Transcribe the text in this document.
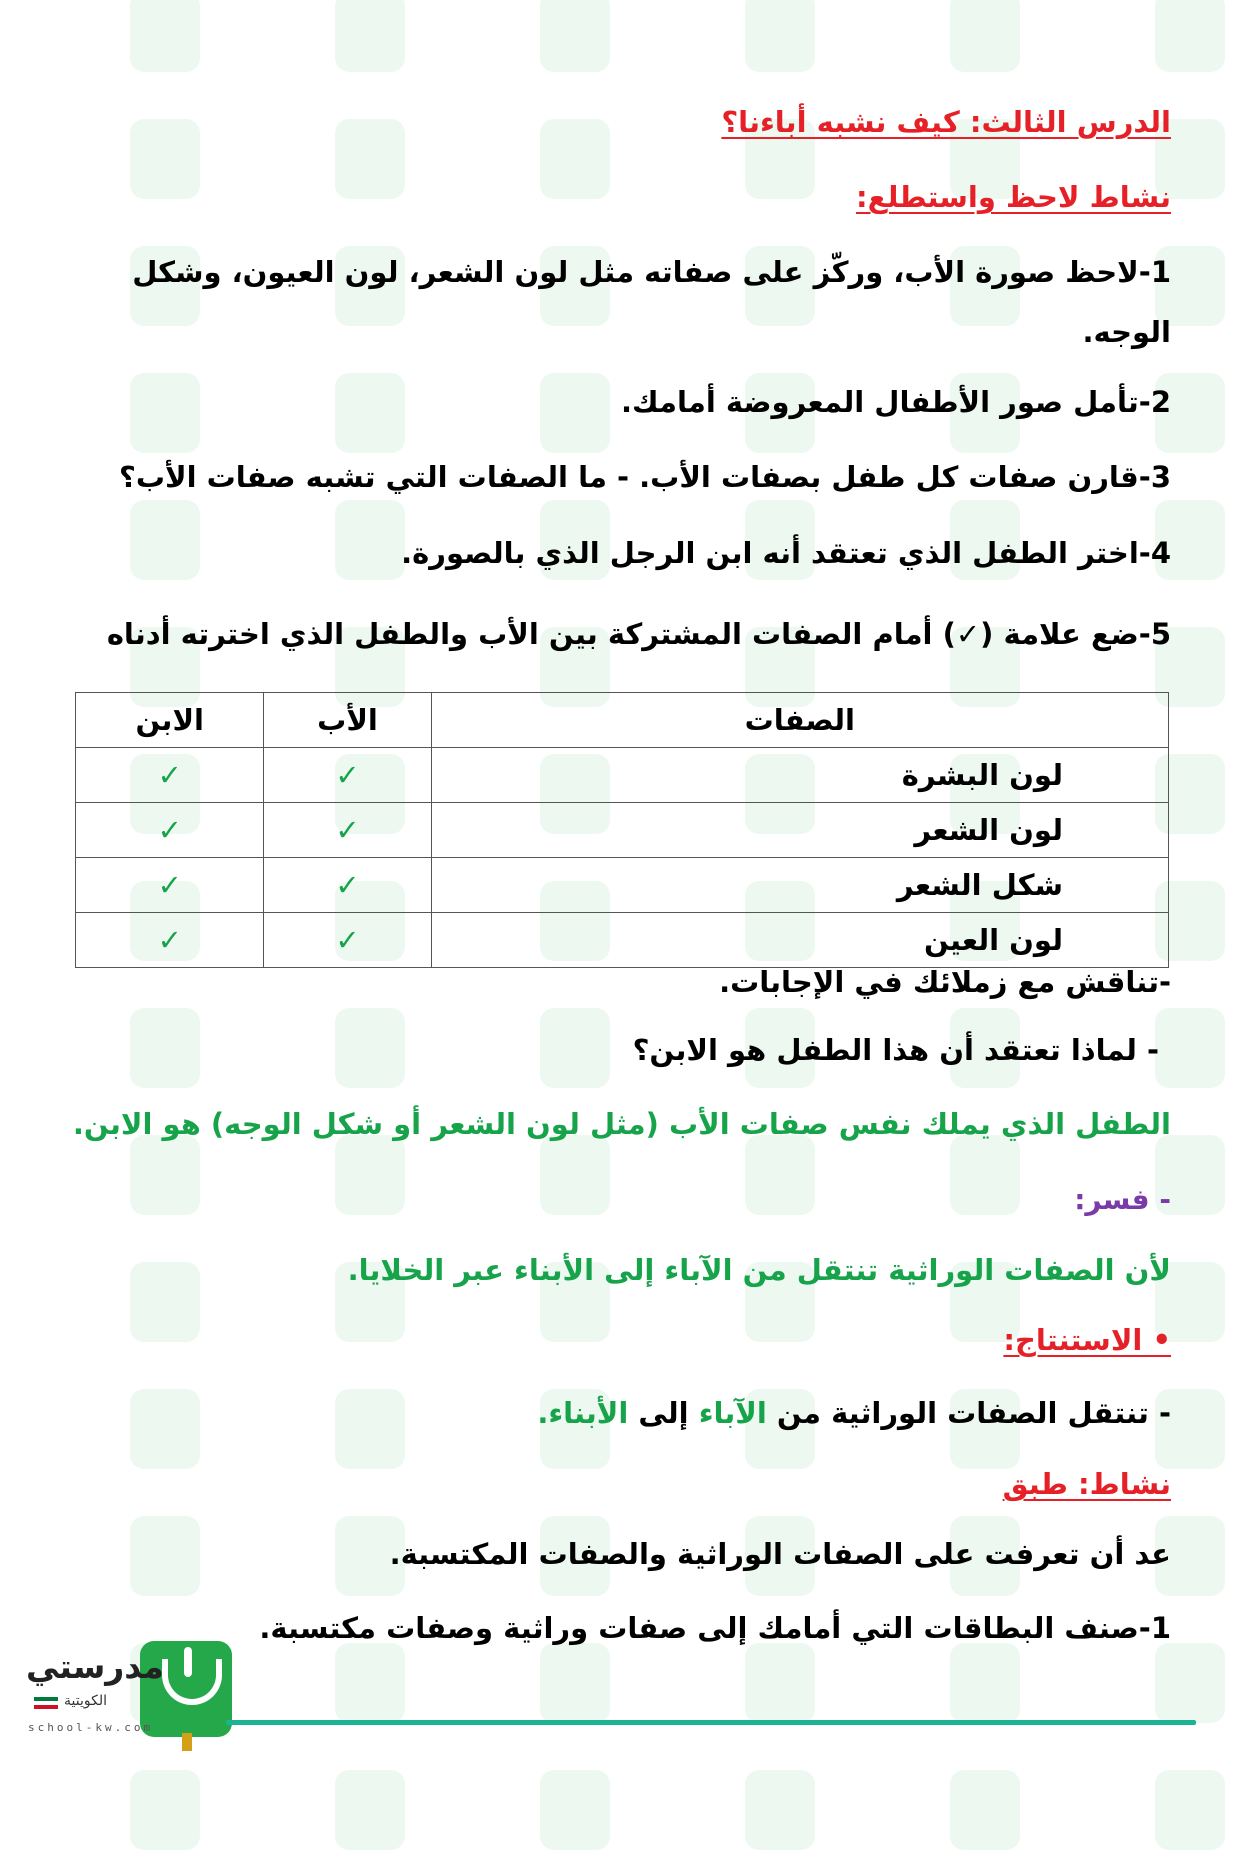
الدرس الثالث: كيف نشبه أباءنا؟
نشاط لاحظ واستطلع:
1-لاحظ صورة الأب، وركّز على صفاته مثل لون الشعر، لون العيون، وشكل الوجه.
2-تأمل صور الأطفال المعروضة أمامك.
3-قارن صفات كل طفل بصفات الأب. - ما الصفات التي تشبه صفات الأب؟
4-اختر الطفل الذي تعتقد أنه ابن الرجل الذي بالصورة.
5-ضع علامة (✓) أمام الصفات المشتركة بين الأب والطفل الذي اخترته أدناه
الصفات	الأب	الابن
لون البشرة	✓	✓
لون الشعر	✓	✓
شكل الشعر	✓	✓
لون العين	✓	✓
-تناقش مع زملائك في الإجابات.
- لماذا تعتقد أن هذا الطفل هو الابن؟
الطفل الذي يملك نفس صفات الأب (مثل لون الشعر أو شكل الوجه) هو الابن.
- فسر:
لأن الصفات الوراثية تنتقل من الآباء إلى الأبناء عبر الخلايا.
• الاستنتاج:
- تنتقل الصفات الوراثية من الآباء إلى الأبناء.
نشاط: طبق
عد أن تعرفت على الصفات الوراثية والصفات المكتسبة.
1-صنف البطاقات التي أمامك إلى صفات وراثية وصفات مكتسبة.
مدرستي
الكويتية
school-kw.com
